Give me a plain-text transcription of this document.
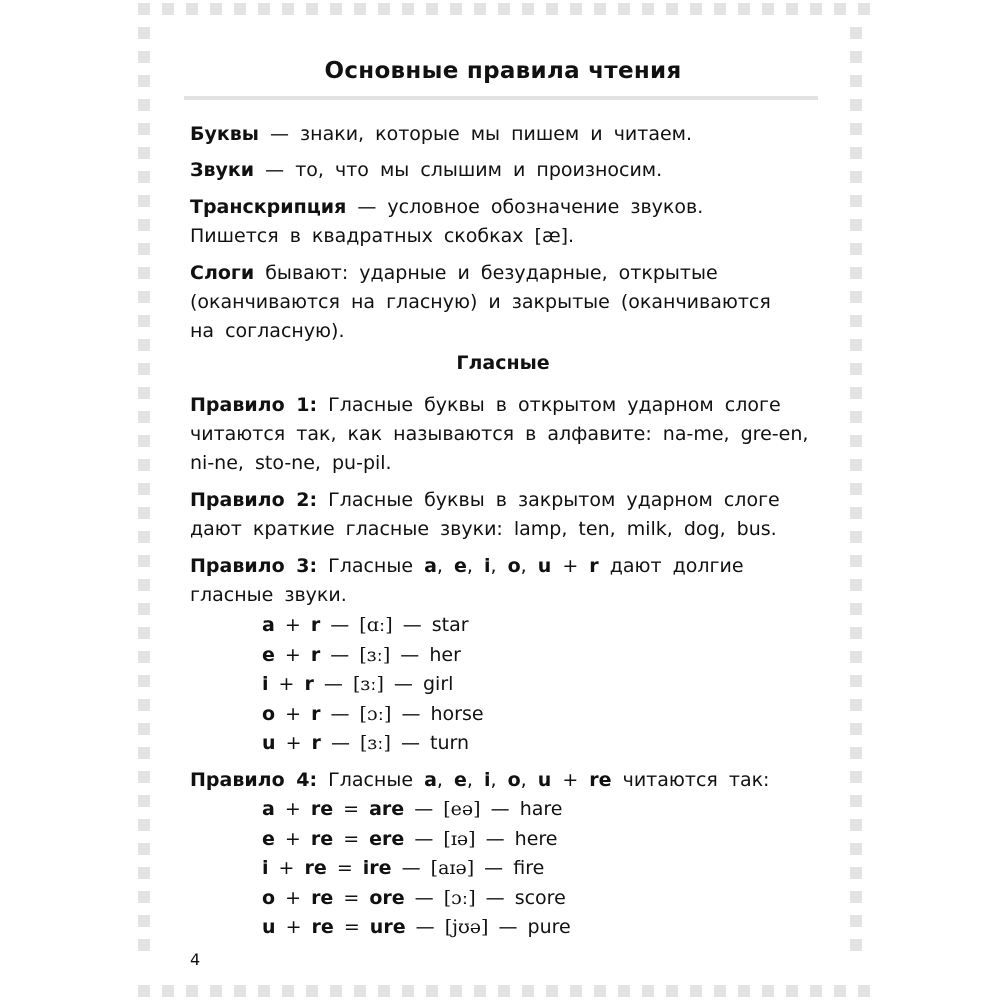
Основные правила чтения
Буквы — знаки, которые мы пишем и читаем.
Звуки — то, что мы слышим и произносим.
Транскрипция — условное обозначение звуков.
Пишется в квадратных скобках [æ].
Слоги бывают: ударные и безударные, открытые
(оканчиваются на гласную) и закрытые (оканчиваются
на согласную).
Гласные
Правило 1: Гласные буквы в открытом ударном слоге
читаются так, как называются в алфавите: na-me, gre-en,
ni-ne, sto-ne, pu-pil.
Правило 2: Гласные буквы в закрытом ударном слоге
дают краткие гласные звуки: lamp, ten, milk, dog, bus.
Правило 3: Гласные a, e, i, o, u + r дают долгие
гласные звуки.
a + r — [ɑː] — star
e + r — [ɜː] — her
i + r — [ɜː] — girl
o + r — [ɔː] — horse
u + r — [ɜː] — turn
Правило 4: Гласные a, e, i, o, u + re читаются так:
a + re = are — [eə] — hare
e + re = ere — [ɪə] — here
i + re = ire — [aɪə] — fire
o + re = ore — [ɔː] — score
u + re = ure — [jʊə] — pure
4
